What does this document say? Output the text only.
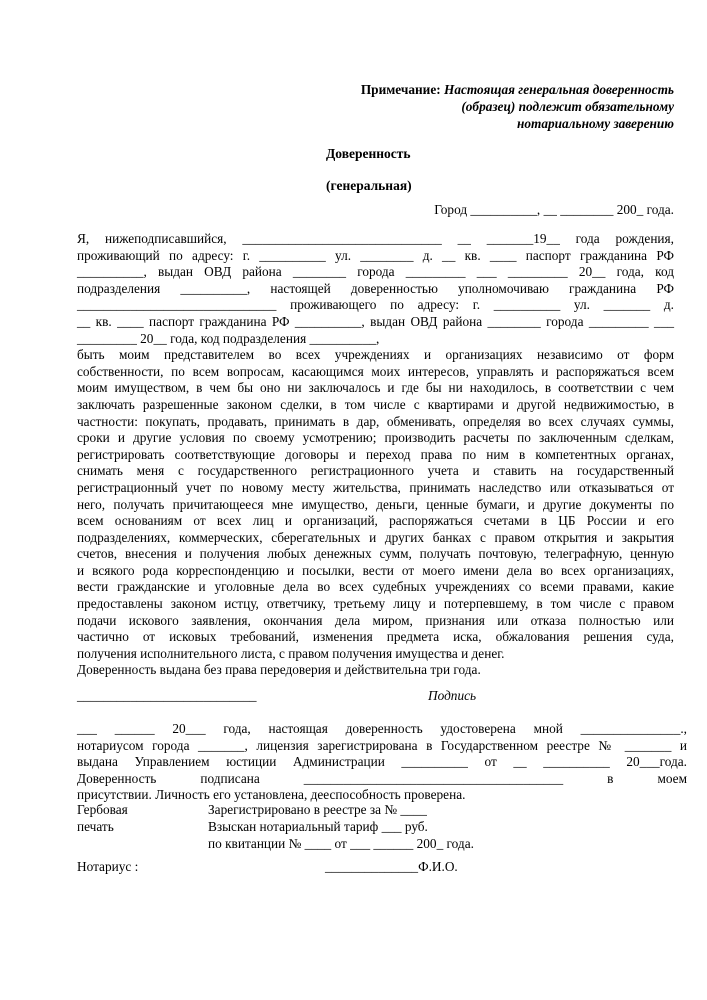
Примечание: Настоящая генеральная доверенность
(образец) подлежит обязательному
нотариальному заверению
Доверенность
(генеральная)
Город __________, __ ________ 200_ года.
Я, нижеподписавшийся, ______________________________ __ _______19__ года рождения,
проживающий по адресу: г. __________ ул. ________ д. __ кв. ____ паспорт гражданина РФ
__________, выдан ОВД района ________ города _________ ___ _________ 20__ года, код
подразделения __________, настоящей доверенностью уполномочиваю гражданина РФ
______________________________ проживающего по адресу: г. __________ ул. _______ д.
__ кв. ____ паспорт гражданина РФ __________, выдан ОВД района ________ города _________ ___
_________ 20__ года, код подразделения __________,
быть моим представителем во всех учреждениях и организациях независимо от форм
собственности, по всем вопросам, касающимся моих интересов, управлять и распоряжаться всем
моим имуществом, в чем бы оно ни заключалось и где бы ни находилось, в соответствии с чем
заключать разрешенные законом сделки, в том числе с квартирами и другой недвижимостью, в
частности: покупать, продавать, принимать в дар, обменивать, определяя во всех случаях суммы,
сроки и другие условия по своему усмотрению; производить расчеты по заключенным сделкам,
регистрировать соответствующие договоры и переход права по ним в компетентных органах,
снимать меня с государственного регистрационного учета и ставить на государственный
регистрационный учет по новому месту жительства, принимать наследство или отказываться от
него, получать причитающееся мне имущество, деньги, ценные бумаги, и другие документы по
всем основаниям от всех лиц и организаций, распоряжаться счетами в ЦБ России и его
подразделениях, коммерческих, сберегательных и других банках с правом открытия и закрытия
счетов, внесения и получения любых денежных сумм, получать почтовую, телеграфную, ценную
и всякого рода корреспонденцию и посылки, вести от моего имени дела во всех организациях,
вести гражданские и уголовные дела во всех судебных учреждениях со всеми правами, какие
предоставлены законом истцу, ответчику, третьему лицу и потерпевшему, в том числе с правом
подачи искового заявления, окончания дела миром, признания или отказа полностью или
частично от исковых требований, изменения предмета иска, обжалования решения суда,
получения исполнительного листа, с правом получения имущества и денег.
Доверенность выдана без права передоверия и действительна три года.
___________________________	Подпись
___ ______ 20___ года, настоящая доверенность удостоверена мной _______________.,
нотариусом города _______, лицензия зарегистрирована в Государственном реестре № _______ и
выдана Управлением юстиции Администрации __________ от __ __________ 20___года.
Доверенность подписана _______________________________________ в моем
присутствии. Личность его установлена, дееспособность проверена.
Гербовая	Зарегистрировано в реестре за № ____
печать	Взыскан нотариальный тариф ___ руб.
по квитанции № ____ от ___ ______ 200_ года.
Нотариус :	______________Ф.И.О.
